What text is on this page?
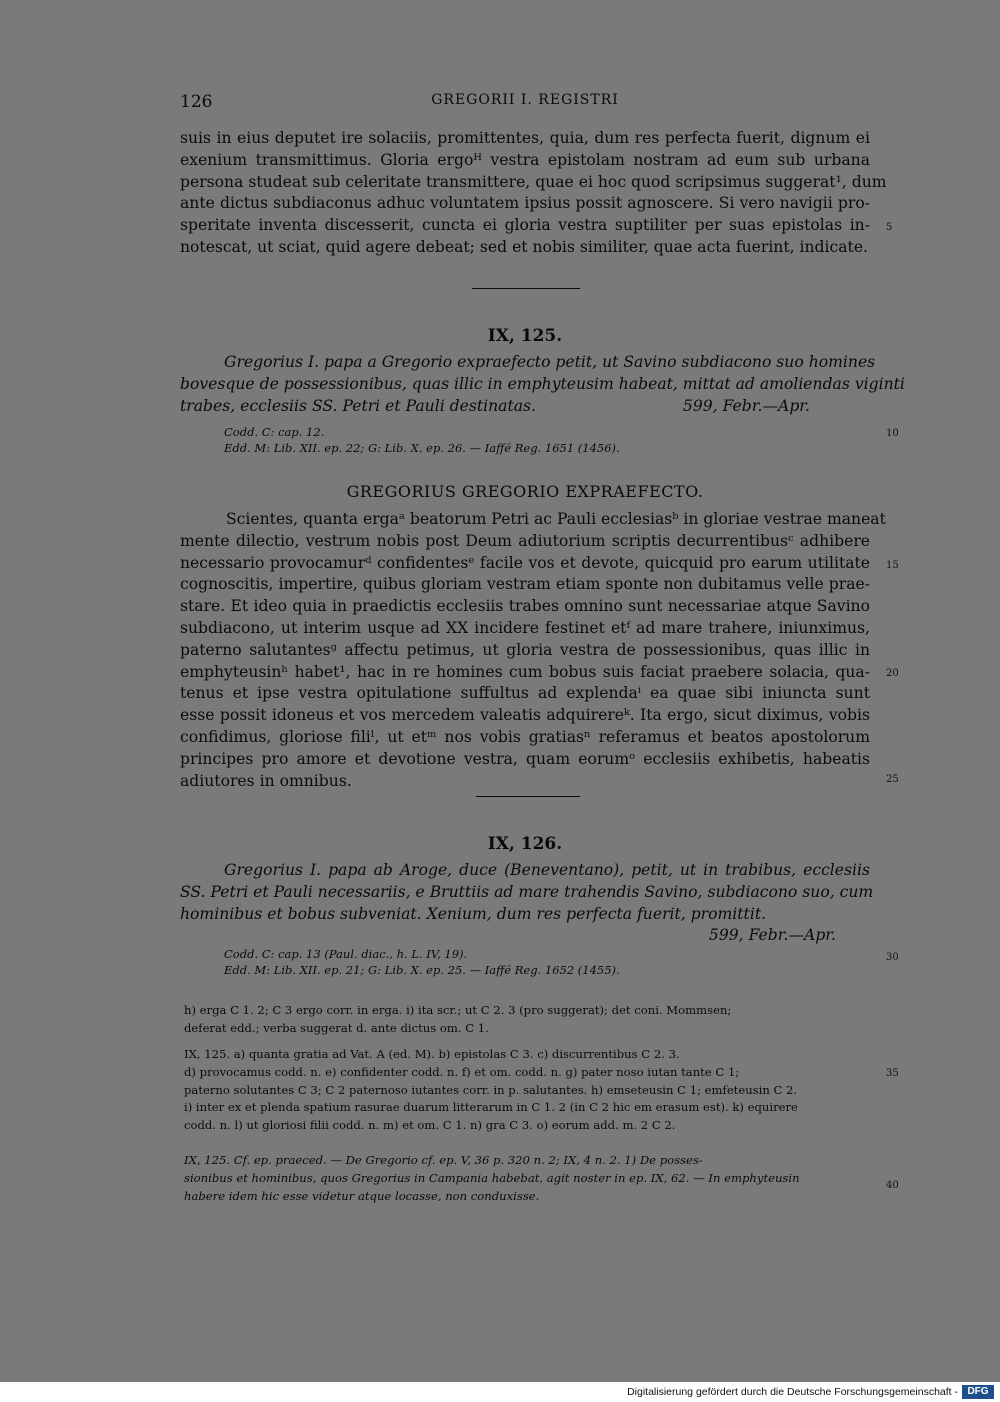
126	GREGORII I. REGISTRI
suis in eius deputet ire solaciis, promittentes, quia, dum res perfecta fuerit, dignum ei
exenium transmittimus. Gloria ergoᴴ vestra epistolam nostram ad eum sub urbana
persona studeat sub celeritate transmittere, quae ei hoc quod scripsimus suggerat¹, dum
ante dictus subdiaconus adhuc voluntatem ipsius possit agnoscere. Si vero navigii pro-
speritate inventa discesserit, cuncta ei gloria vestra suptiliter per suas epistolas in-
notescat, ut sciat, quid agere debeat; sed et nobis similiter, quae acta fuerint, indicate.
IX, 125.
Gregorius I. papa a Gregorio expraefecto petit, ut Savino subdiacono suo homines
bovesque de possessionibus, quas illic in emphyteusim habeat, mittat ad amoliendas viginti
trabes, ecclesiis SS. Petri et Pauli destinatas.	599, Febr.—Apr.
Codd. C: cap. 12.
Edd. M: Lib. XII. ep. 22; G: Lib. X. ep. 26. — Iaffé Reg. 1651 (1456).
GREGORIUS GREGORIO EXPRAEFECTO.
Scientes, quanta ergaᵃ beatorum Petri ac Pauli ecclesiasᵇ in gloriae vestrae maneat
mente dilectio, vestrum nobis post Deum adiutorium scriptis decurrentibusᶜ adhibere
necessario provocamurᵈ confidentesᵉ facile vos et devote, quicquid pro earum utilitate
cognoscitis, impertire, quibus gloriam vestram etiam sponte non dubitamus velle prae-
stare. Et ideo quia in praedictis ecclesiis trabes omnino sunt necessariae atque Savino
subdiacono, ut interim usque ad XX incidere festinet etᶠ ad mare trahere, iniunximus,
paterno salutantesᵍ affectu petimus, ut gloria vestra de possessionibus, quas illic in
emphyteusinʰ habet¹, hac in re homines cum bobus suis faciat praebere solacia, qua-
tenus et ipse vestra opitulatione suffultus ad explendaⁱ ea quae sibi iniuncta sunt
esse possit idoneus et vos mercedem valeatis adquirereᵏ. Ita ergo, sicut diximus, vobis
confidimus, gloriose filiˡ, ut etᵐ nos vobis gratiasⁿ referamus et beatos apostolorum
principes pro amore et devotione vestra, quam eorumᵒ ecclesiis exhibetis, habeatis
adiutores in omnibus.
IX, 126.
Gregorius I. papa ab Aroge, duce (Beneventano), petit, ut in trabibus, ecclesiis
SS. Petri et Pauli necessariis, e Bruttiis ad mare trahendis Savino, subdiacono suo, cum
hominibus et bobus subveniat. Xenium, dum res perfecta fuerit, promittit.
599, Febr.—Apr.
Codd. C: cap. 13 (Paul. diac., h. L. IV, 19).
Edd. M: Lib. XII. ep. 21; G: Lib. X. ep. 25. — Iaffé Reg. 1652 (1455).
h) erga C 1. 2; C 3 ergo corr. in erga. i) ita scr.; ut C 2. 3 (pro suggerat); det coni. Mommsen;
deferat edd.; verba suggerat d. ante dictus om. C 1.
IX, 125. a) quanta gratia ad Vat. A (ed. M). b) epistolas C 3. c) discurrentibus C 2. 3.
d) provocamus codd. n. e) confidenter codd. n. f) et om. codd. n. g) pater noso iutan tante C 1;
paterno solutantes C 3; C 2 paternoso iutantes corr. in p. salutantes. h) emseteusin C 1; emfeteusin C 2.
i) inter ex et plenda spatium rasurae duarum litterarum in C 1. 2 (in C 2 hic em erasum est). k) equirere
codd. n. l) ut gloriosi filii codd. n. m) et om. C 1. n) gra C 3. o) eorum add. m. 2 C 2.
IX, 125. Cf. ep. praeced. — De Gregorio cf. ep. V, 36 p. 320 n. 2; IX, 4 n. 2. 1) De posses-
sionibus et hominibus, quos Gregorius in Campania habebat, agit noster in ep. IX, 62. — In emphyteusin
habere idem hic esse videtur atque locasse, non conduxisse.
5
10
15
20
25
30
35
40
Digitalisierung gefördert durch die Deutsche Forschungsgemeinschaft - DFG
